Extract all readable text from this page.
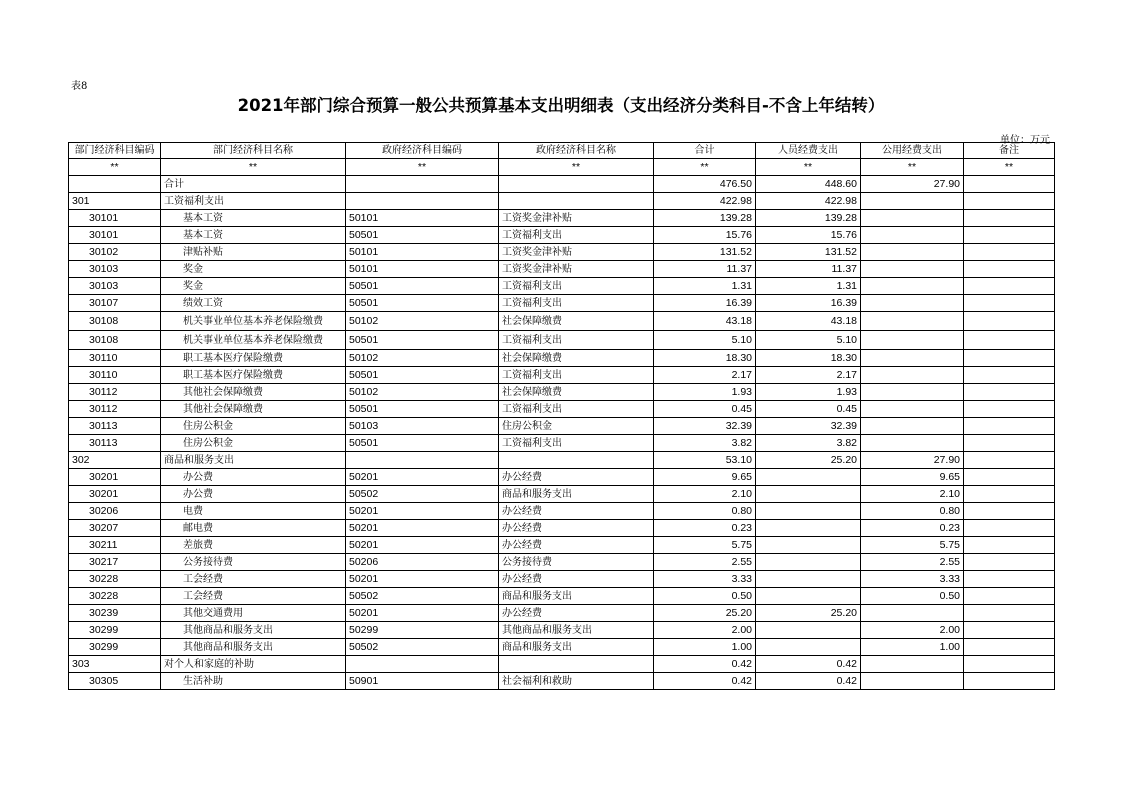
表8
2021年部门综合预算一般公共预算基本支出明细表（支出经济分类科目-不含上年结转）
单位：万元
部门经济科目编码	部门经济科目名称	政府经济科目编码	政府经济科目名称	合计	人员经费支出	公用经费支出	备注
**	**	**	**	**	**	**	**
	合计			476.50	448.60	27.90	
301	工资福利支出			422.98	422.98		
30101	基本工资	50101	工资奖金津补贴	139.28	139.28		
30101	基本工资	50501	工资福利支出	15.76	15.76		
30102	津贴补贴	50101	工资奖金津补贴	131.52	131.52		
30103	奖金	50101	工资奖金津补贴	11.37	11.37		
30103	奖金	50501	工资福利支出	1.31	1.31		
30107	绩效工资	50501	工资福利支出	16.39	16.39		
30108	机关事业单位基本养老保险缴费	50102	社会保障缴费	43.18	43.18		
30108	机关事业单位基本养老保险缴费	50501	工资福利支出	5.10	5.10		
30110	职工基本医疗保险缴费	50102	社会保障缴费	18.30	18.30		
30110	职工基本医疗保险缴费	50501	工资福利支出	2.17	2.17		
30112	其他社会保障缴费	50102	社会保障缴费	1.93	1.93		
30112	其他社会保障缴费	50501	工资福利支出	0.45	0.45		
30113	住房公积金	50103	住房公积金	32.39	32.39		
30113	住房公积金	50501	工资福利支出	3.82	3.82		
302	商品和服务支出			53.10	25.20	27.90	
30201	办公费	50201	办公经费	9.65		9.65	
30201	办公费	50502	商品和服务支出	2.10		2.10	
30206	电费	50201	办公经费	0.80		0.80	
30207	邮电费	50201	办公经费	0.23		0.23	
30211	差旅费	50201	办公经费	5.75		5.75	
30217	公务接待费	50206	公务接待费	2.55		2.55	
30228	工会经费	50201	办公经费	3.33		3.33	
30228	工会经费	50502	商品和服务支出	0.50		0.50	
30239	其他交通费用	50201	办公经费	25.20	25.20		
30299	其他商品和服务支出	50299	其他商品和服务支出	2.00		2.00	
30299	其他商品和服务支出	50502	商品和服务支出	1.00		1.00	
303	对个人和家庭的补助			0.42	0.42		
30305	生活补助	50901	社会福利和救助	0.42	0.42		
